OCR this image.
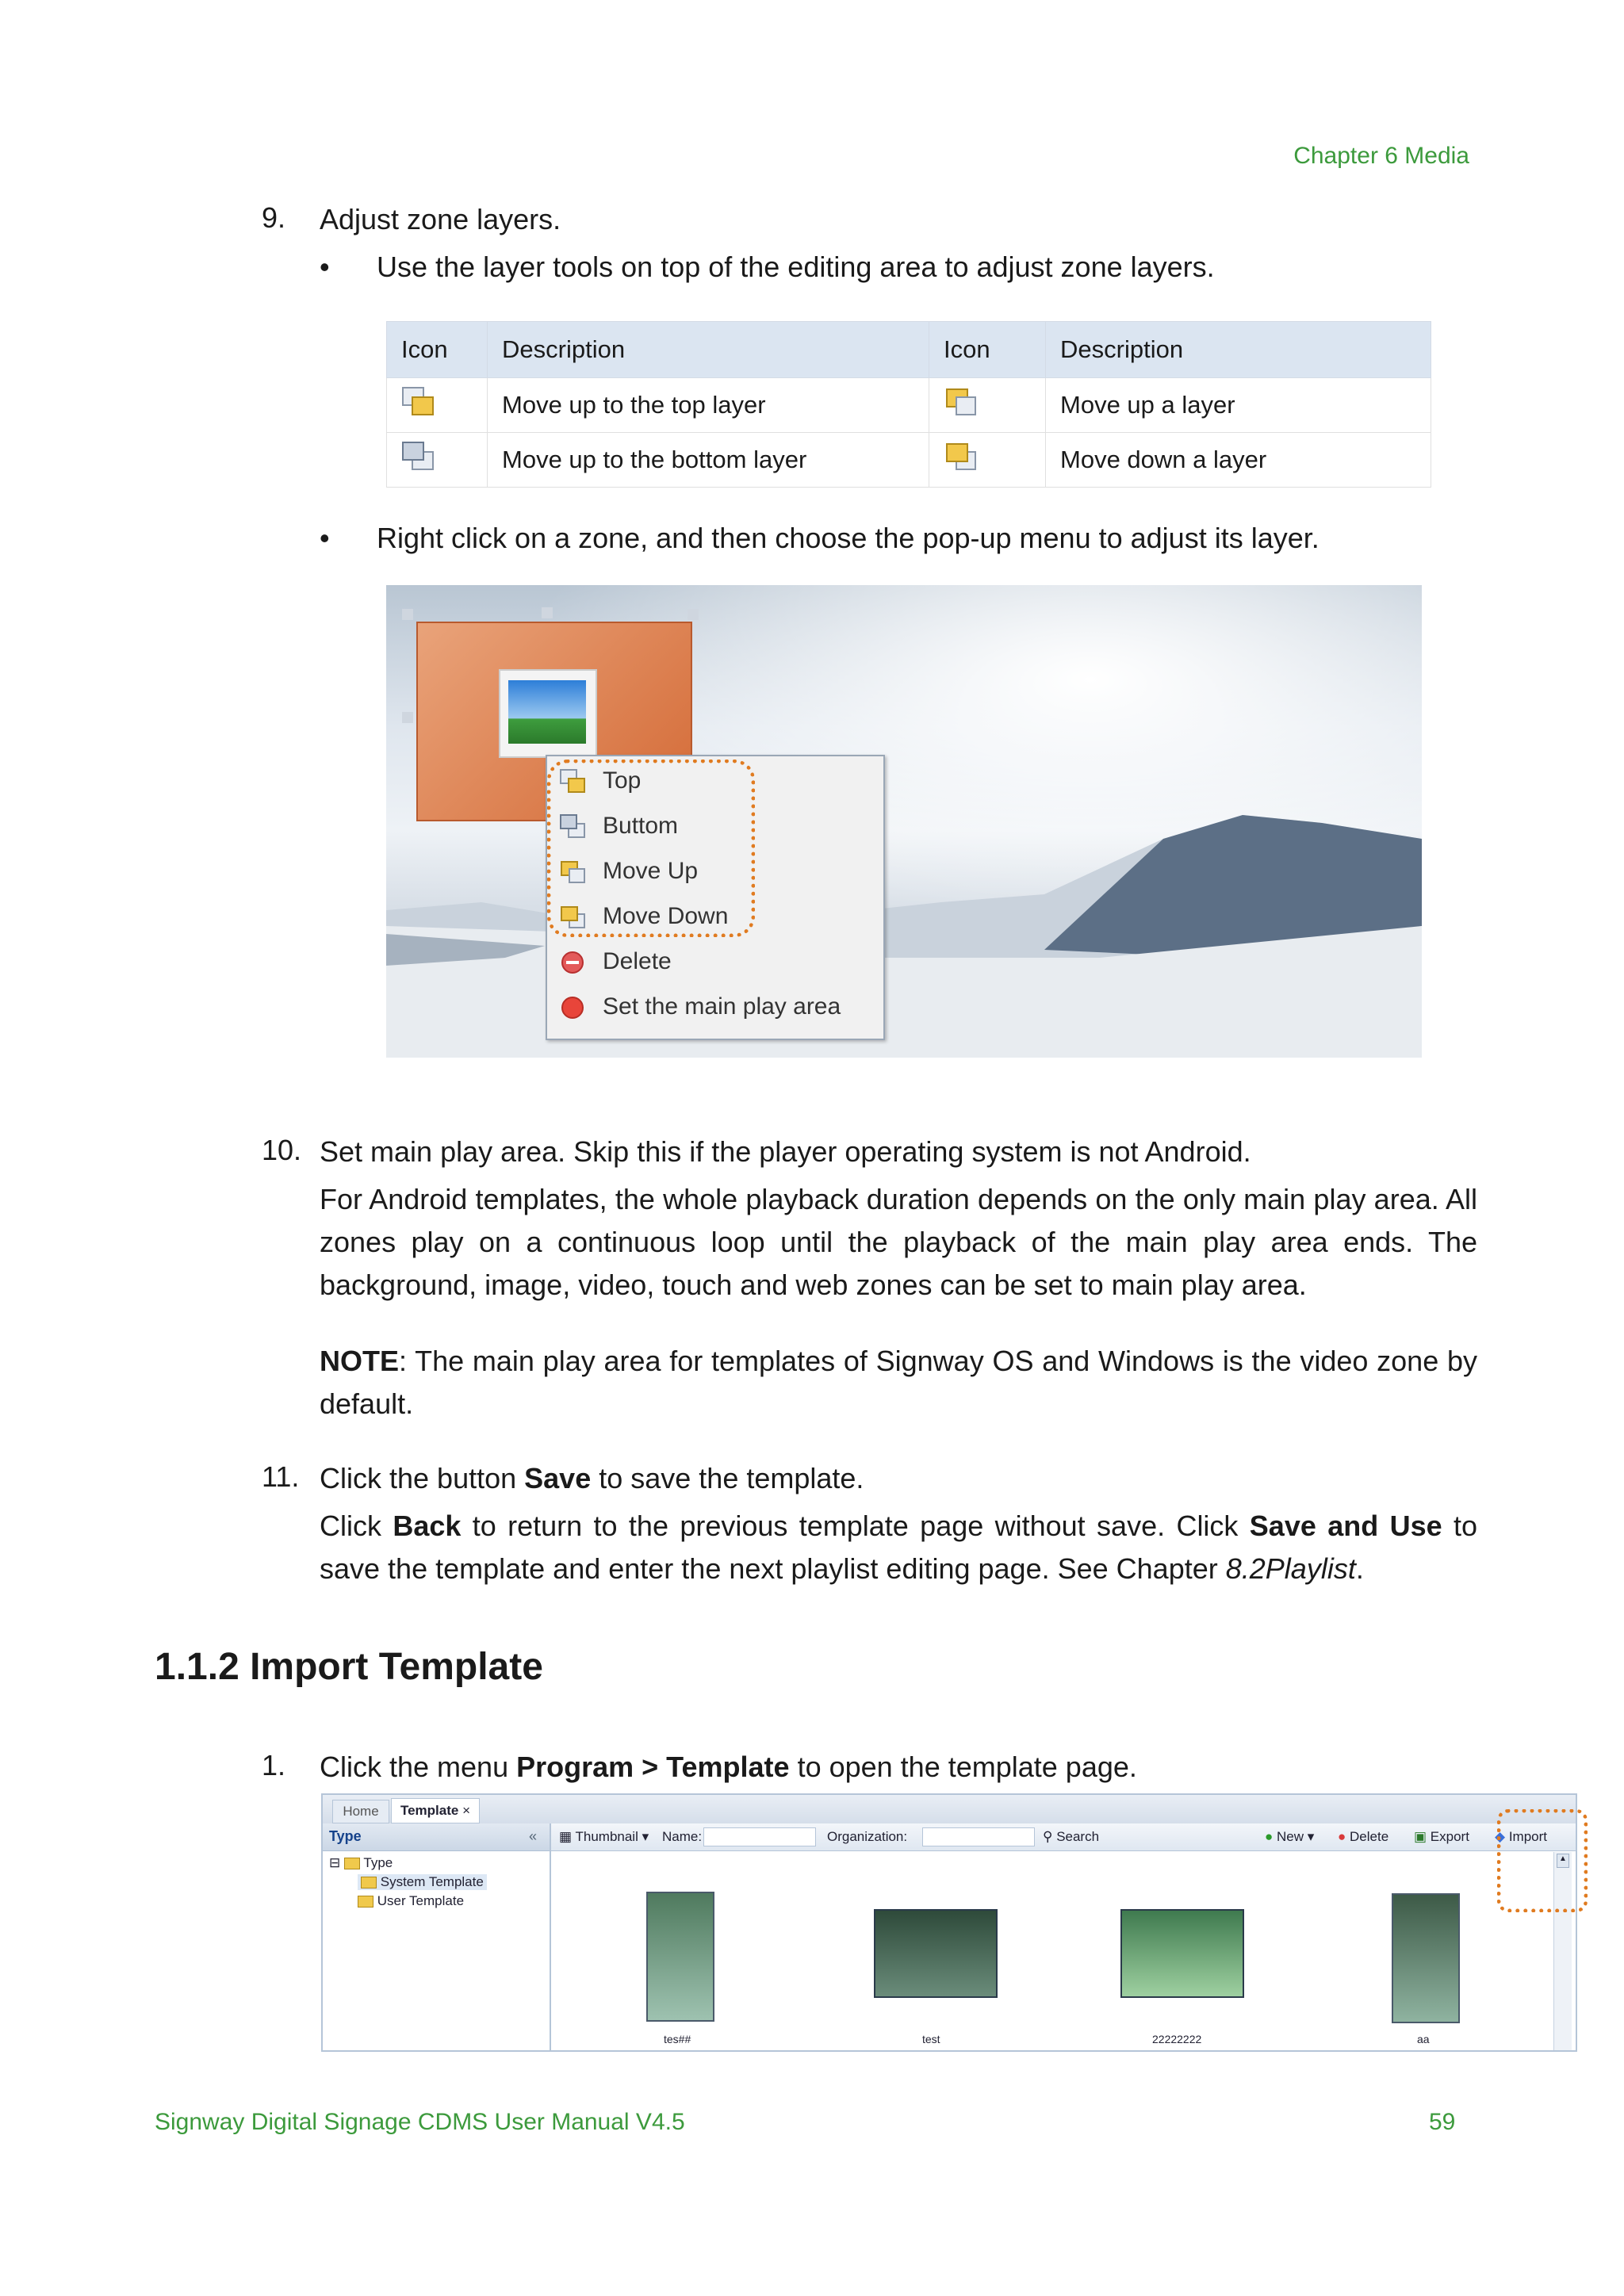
Chapter 6 Media
9. Adjust zone layers.
• Use the layer tools on top of the editing area to adjust zone layers.
Icon	Description	Icon	Description
	Move up to the top layer		Move up a layer
	Move up to the bottom layer		Move down a layer
• Right click on a zone, and then choose the pop-up menu to adjust its layer.
Top
Buttom
Move Up
Move Down
Delete
Set the main play area
10. Set main play area. Skip this if the player operating system is not Android.
For Android templates, the whole playback duration depends on the only main play area. All zones play on a continuous loop until the playback of the main play area ends. The background, image, video, touch and web zones can be set to main play area.
NOTE: The main play area for templates of Signway OS and Windows is the video zone by default.
11. Click the button Save to save the template.
Click Back to return to the previous template page without save. Click Save and Use to save the template and enter the next playlist editing page. See Chapter 8.2Playlist.
1.1.2 Import Template
1. Click the menu Program > Template to open the template page.
Home	Template ×
Type	«
⊟  Type
System Template
User Template
▦ Thumbnail ▾ Name:	Organization:	⚲ Search	● New ▾ ● Delete ▣ Export ◆ Import
tes##	test	22222222	aa
▲
Signway Digital Signage CDMS User Manual V4.5	59
